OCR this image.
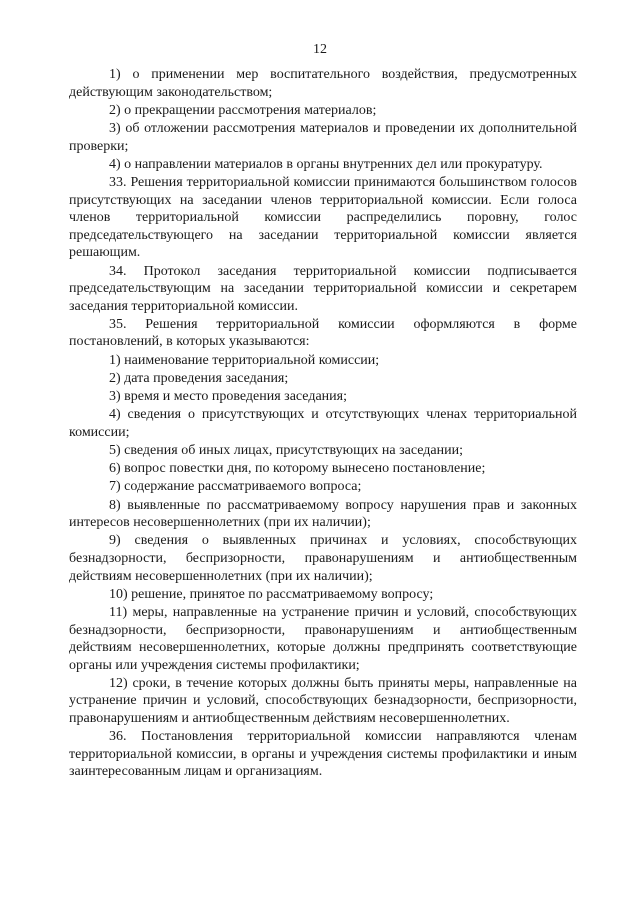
12

1) о применении мер воспитательного воздействия, предусмотренных действующим законодательством;

2) о прекращении рассмотрения материалов;

3) об отложении рассмотрения материалов и проведении их дополнительной проверки;

4) о направлении материалов в органы внутренних дел или прокуратуру.

33. Решения территориальной комиссии принимаются большинством голосов присутствующих на заседании членов территориальной комиссии. Если голоса членов территориальной комиссии распределились поровну, голос председательствующего на заседании территориальной комиссии является решающим.

34. Протокол заседания территориальной комиссии подписывается председательствующим на заседании территориальной комиссии и секретарем заседания территориальной комиссии.

35. Решения территориальной комиссии оформляются в форме постановлений, в которых указываются:

1) наименование территориальной комиссии;

2) дата проведения заседания;

3) время и место проведения заседания;

4) сведения о присутствующих и отсутствующих членах территориальной комиссии;

5) сведения об иных лицах, присутствующих на заседании;

6) вопрос повестки дня, по которому вынесено постановление;

7) содержание рассматриваемого вопроса;

8) выявленные по рассматриваемому вопросу нарушения прав и законных интересов несовершеннолетних (при их наличии);

9) сведения о выявленных причинах и условиях, способствующих безнадзорности, беспризорности, правонарушениям и антиобщественным действиям несовершеннолетних (при их наличии);

10) решение, принятое по рассматриваемому вопросу;

11) меры, направленные на устранение причин и условий, способствующих безнадзорности, беспризорности, правонарушениям и антиобщественным действиям несовершеннолетних, которые должны предпринять соответствующие органы или учреждения системы профилактики;

12) сроки, в течение которых должны быть приняты меры, направленные на устранение причин и условий, способствующих безнадзорности, беспризорности, правонарушениям и антиобщественным действиям несовершеннолетних.

36. Постановления территориальной комиссии направляются членам территориальной комиссии, в органы и учреждения системы профилактики и иным заинтересованным лицам и организациям.
